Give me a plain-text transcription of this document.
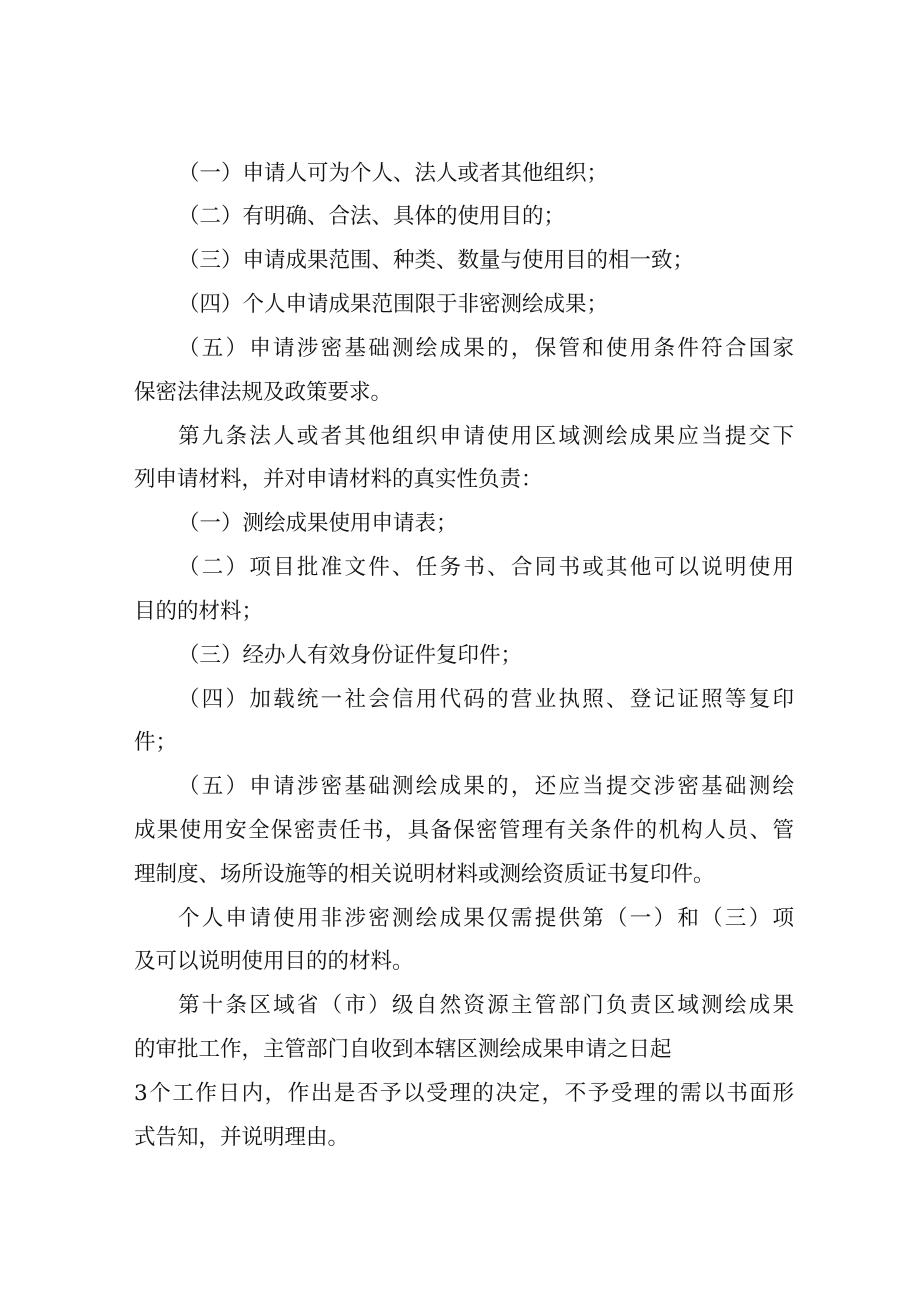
（一）申请人可为个人、法人或者其他组织；
（二）有明确、合法、具体的使用目的；
（三）申请成果范围、种类、数量与使用目的相一致；
（四）个人申请成果范围限于非密测绘成果；
（五）申请涉密基础测绘成果的，保管和使用条件符合国家
保密法律法规及政策要求。
第九条法人或者其他组织申请使用区域测绘成果应当提交下
列申请材料，并对申请材料的真实性负责：
（一）测绘成果使用申请表；
（二）项目批准文件、任务书、合同书或其他可以说明使用
目的的材料；
（三）经办人有效身份证件复印件；
（四）加载统一社会信用代码的营业执照、登记证照等复印
件；
（五）申请涉密基础测绘成果的，还应当提交涉密基础测绘
成果使用安全保密责任书，具备保密管理有关条件的机构人员、管
理制度、场所设施等的相关说明材料或测绘资质证书复印件。
个人申请使用非涉密测绘成果仅需提供第（一）和（三）项
及可以说明使用目的的材料。
第十条区域省（市）级自然资源主管部门负责区域测绘成果
的审批工作，主管部门自收到本辖区测绘成果申请之日起
3个工作日内，作出是否予以受理的决定，不予受理的需以书面形
式告知，并说明理由。
